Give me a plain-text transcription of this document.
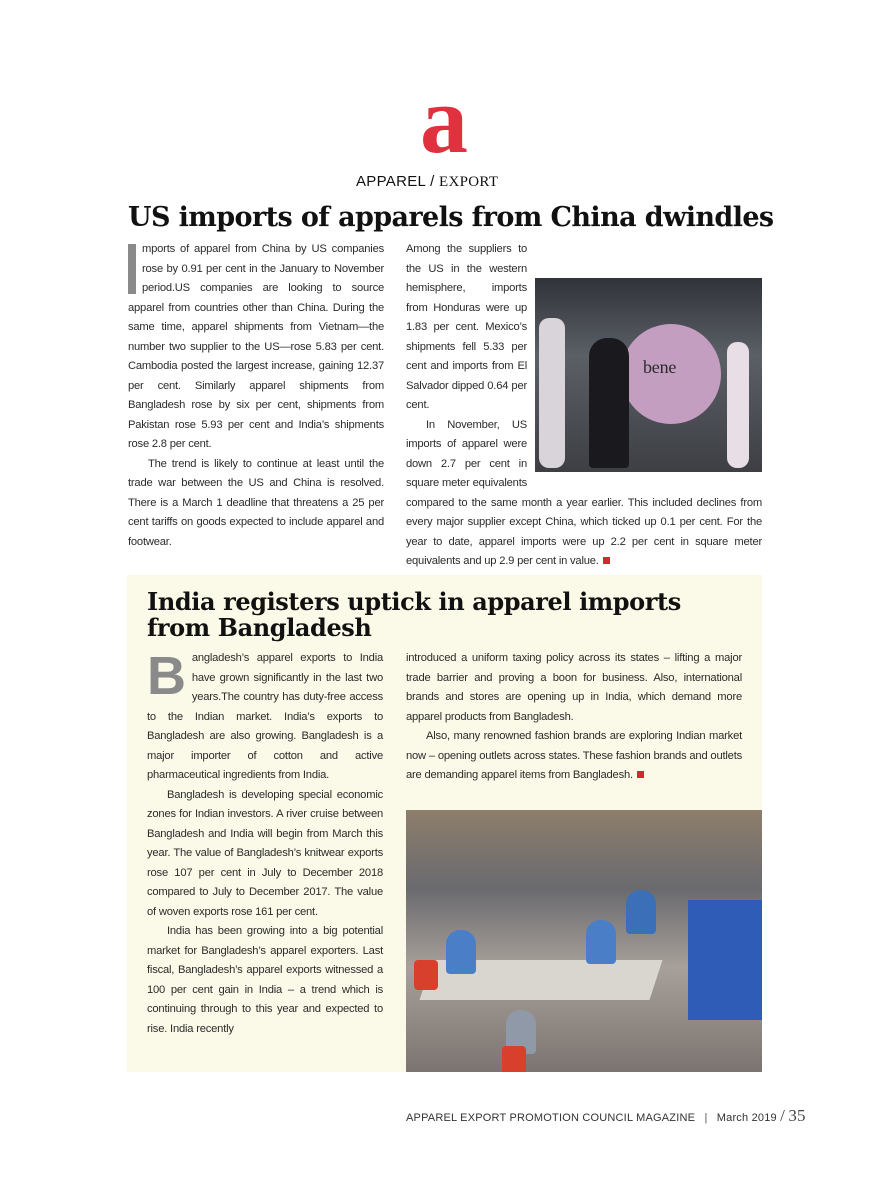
a
APPAREL / EXPORT
US imports of apparels from China dwindles

mports of apparel from China by US companies rose by 0.91 per cent in the January to November period.US companies are looking to source apparel from countries other than China. During the same time, apparel shipments from Vietnam—the number two supplier to the US—rose 5.83 per cent. Cambodia posted the largest increase, gaining 12.37 per cent. Similarly apparel shipments from Bangladesh rose by six per cent, shipments from Pakistan rose 5.93 per cent and India’s shipments rose 2.8 per cent.

The trend is likely to continue at least until the trade war between the US and China is resolved. There is a March 1 deadline that threatens a 25 per cent tariffs on goods expected to include apparel and footwear.

bene
Among the suppliers to the US in the western hemisphere, imports from Honduras were up 1.83 per cent. Mexico’s shipments fell 5.33 per cent and imports from El Salvador dipped 0.64 per cent.

In November, US imports of apparel were down 2.7 per cent in square meter equivalents compared to the same month a year earlier. This included declines from every major supplier except China, which ticked up 0.1 per cent. For the year to date, apparel imports were up 2.2 per cent in square meter equivalents and up 2.9 per cent in value.

India registers uptick in apparel imports from Bangladesh

Bangladesh’s apparel exports to India have grown significantly in the last two years.The country has duty-free access to the Indian market. India’s exports to Bangladesh are also growing. Bangladesh is a major importer of cotton and active pharmaceutical ingredients from India.

Bangladesh is developing special economic zones for Indian investors. A river cruise between Bangladesh and India will begin from March this year. The value of Bangladesh’s knitwear exports rose 107 per cent in July to December 2018 compared to July to December 2017. The value of woven exports rose 161 per cent.

India has been growing into a big potential market for Bangladesh’s apparel exporters. Last fiscal, Bangladesh’s apparel exports witnessed a 100 per cent gain in India – a trend which is continuing through to this year and expected to rise. India recently

introduced a uniform taxing policy across its states – lifting a major trade barrier and proving a boon for business. Also, international brands and stores are opening up in India, which demand more apparel products from Bangladesh.

Also, many renowned fashion brands are exploring Indian market now – opening outlets across states. These fashion brands and outlets are demanding apparel items from Bangladesh.

APPAREL EXPORT PROMOTION COUNCIL MAGAZINE | March 2019 / 35
